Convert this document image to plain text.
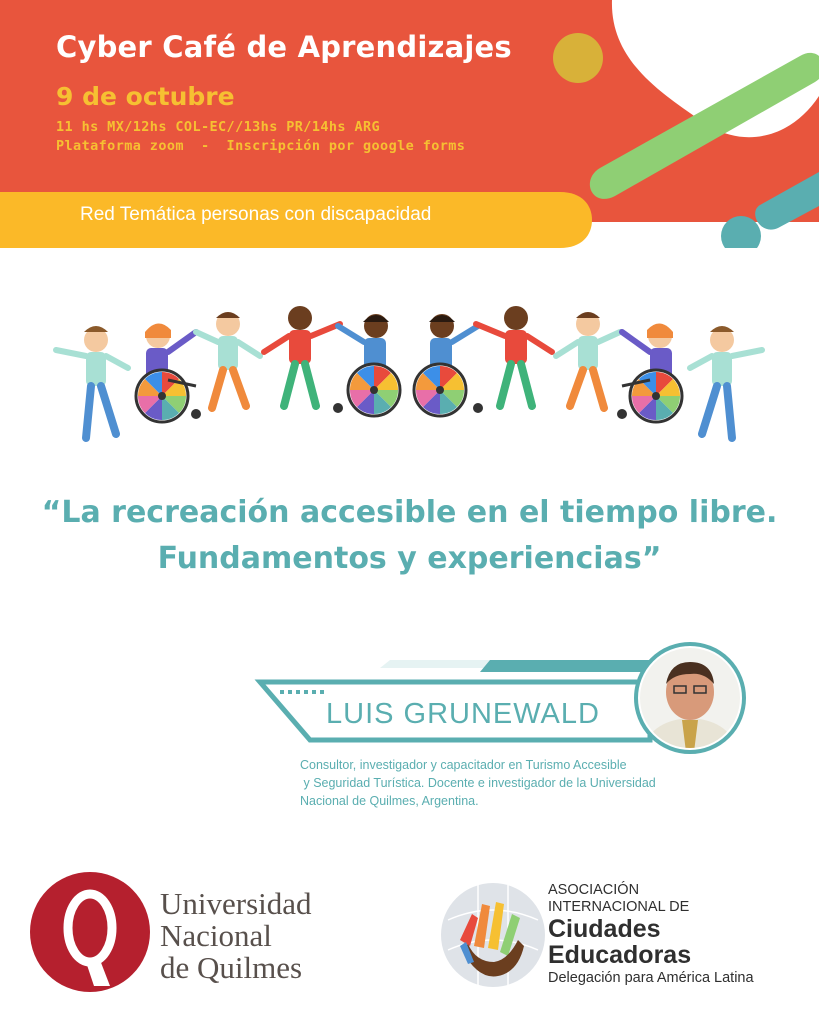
Cyber Café de Aprendizajes
9 de octubre
11 hs MX/12hs COL-EC//13hs PR/14hs ARG
Plataforma zoom  -  Inscripción por google forms
Red Temática personas con discapacidad
“La recreación accesible en el tiempo libre.
Fundamentos y experiencias”
LUIS GRUNEWALD
Consultor, investigador y capacitador en Turismo Accesible
y Seguridad Turística. Docente e investigador de la Universidad
Nacional de Quilmes, Argentina.
Universidad
Nacional
de Quilmes
ASOCIACIÓN
INTERNACIONAL DE
Ciudades
Educadoras
Delegación para América Latina
